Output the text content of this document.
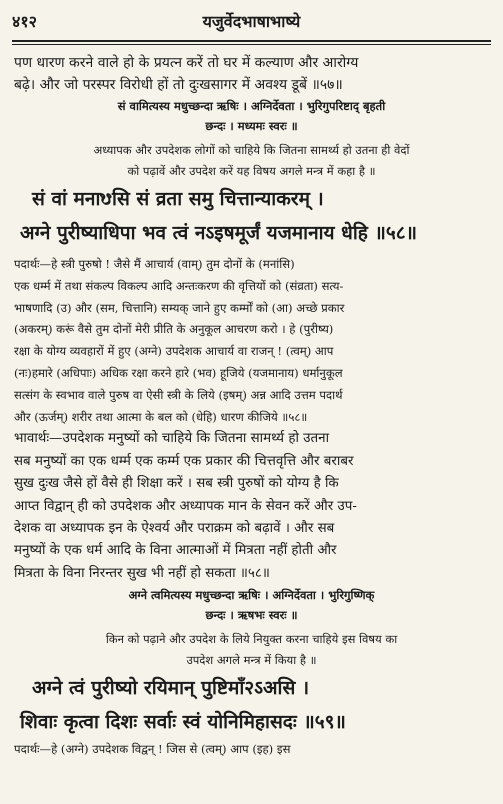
४१२	यजुर्वेदभाषाभाष्ये
पण धारण करने वाले हो के प्रयत्न करें तो घर में कल्याण और आरोग्य
बढ़े। और जो परस्पर विरोधी हों तो दुःखसागर में अवश्य डूबें ॥५७॥
सं वामित्यस्य मधुच्छन्दा ऋषिः । अग्निर्देवता । भुरिगुपरिष्टाद् बृहती
छन्दः । मध्यमः स्वरः ॥
अध्यापक और उपदेशक लोगों को चाहिये कि जितना सामर्थ्य हो उतना ही वेदों
को पढ़ावें और उपदेश करें यह विषय अगले मन्त्र में कहा है ॥
सं वां मनाᳪसि सं व्रता समु चित्तान्याकरम् ।
अग्ने पुरीष्याधिपा भव त्वं नऽइषमूर्जं यजमानाय धेहि ॥५८॥
पदार्थः—हे स्त्री पुरुषो ! जैसे मैं आचार्य (वाम्) तुम दोनों के (मनांसि)
एक धर्म्म में तथा संकल्प विकल्प आदि अन्तःकरण की वृत्तियों को (संव्रता) सत्य-
भाषणादि (उ) और (सम, चित्तानि) सम्यक् जाने हुए कर्म्मों को (आ) अच्छे प्रकार
(अकरम्) करूं वैसे तुम दोनों मेरी प्रीति के अनुकूल आचरण करो । हे (पुरीष्य)
रक्षा के योग्य व्यवहारों में हुए (अग्ने) उपदेशक आचार्य वा राजन् ! (त्वम्) आप
(नः)हमारे (अधिपाः) अधिक रक्षा करने हारे (भव) हूजिये (यजमानाय) धर्मानुकूल
सत्संग के स्वभाव वाले पुरुष वा ऐसी स्त्री के लिये (इषम्) अन्न आदि उत्तम पदार्थ
और (ऊर्जम्) शरीर तथा आत्मा के बल को (धेहि) धारण कीजिये ॥५८॥
भावार्थः—उपदेशक मनुष्यों को चाहिये कि जितना सामर्थ्य हो उतना
सब मनुष्यों का एक धर्म्म एक कर्म्म एक प्रकार की चित्तवृत्ति और बराबर
सुख दुःख जैसे हों वैसे ही शिक्षा करें । सब स्त्री पुरुषों को योग्य है कि
आप्त विद्वान् ही को उपदेशक और अध्यापक मान के सेवन करें और उप-
देशक वा अध्यापक इन के ऐश्वर्य और पराक्रम को बढ़ावें । और सब
मनुष्यों के एक धर्म आदि के विना आत्माओं में मित्रता नहीं होती और
मित्रता के विना निरन्तर सुख भी नहीं हो सकता ॥५८॥
अग्ने त्वमित्यस्य मधुच्छन्दा ऋषिः । अग्निर्देवता । भुरिगुष्णिक्
छन्दः । ऋषभः स्वरः ॥
किन को पढ़ाने और उपदेश के लिये नियुक्त करना चाहिये इस विषय का
उपदेश अगले मन्त्र में किया है ॥
अग्ने त्वं पुरीष्यो रयिमान् पुष्टिमाँ२ऽअसि ।
शिवाः कृत्वा दिशः सर्वाः स्वं योनिमिहासदः ॥५९॥
पदार्थः—हे (अग्ने) उपदेशक विद्वन् ! जिस से (त्वम्) आप (इह) इस
